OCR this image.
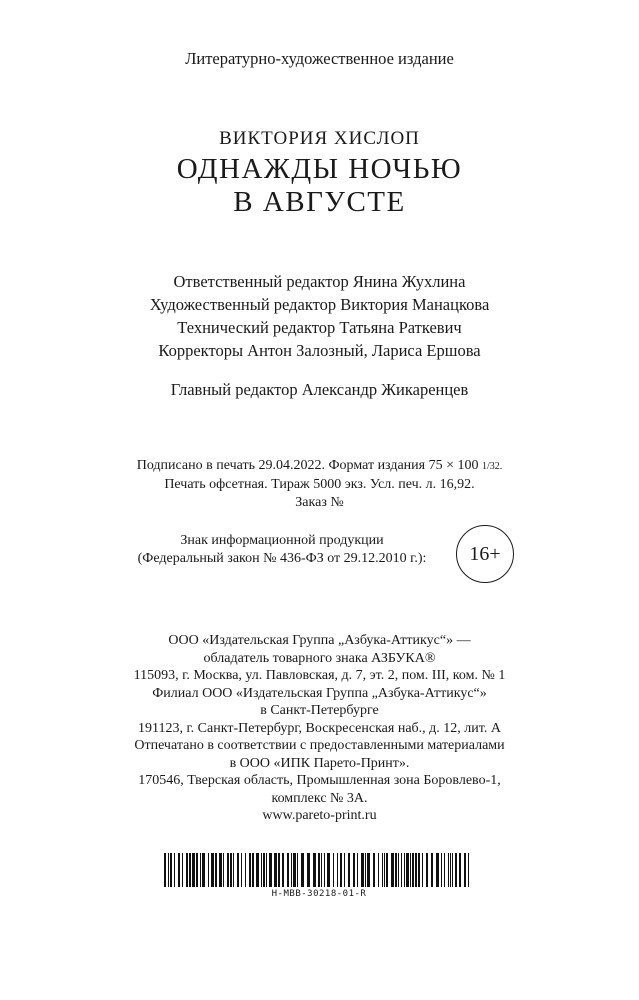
Литературно-художественное издание
ВИКТОРИЯ ХИСЛОП
ОДНАЖДЫ НОЧЬЮ
В АВГУСТЕ
Ответственный редактор Янина Жухлина
Художественный редактор Виктория Манацкова
Технический редактор Татьяна Раткевич
Корректоры Антон Залозный, Лариса Ершова
Главный редактор Александр Жикаренцев
Подписано в печать 29.04.2022. Формат издания 75 × 100 1/32.
Печать офсетная. Тираж 5000 экз. Усл. печ. л. 16,92.
Заказ №
Знак информационной продукции
(Федеральный закон № 436-ФЗ от 29.12.2010 г.):	16+
ООО «Издательская Группа „Азбука-Аттикус“» —
обладатель товарного знака АЗБУКА®
115093, г. Москва, ул. Павловская, д. 7, эт. 2, пом. III, ком. № 1
Филиал ООО «Издательская Группа „Азбука-Аттикус“»
в Санкт-Петербурге
191123, г. Санкт-Петербург, Воскресенская наб., д. 12, лит. А
Отпечатано в соответствии с предоставленными материалами
в ООО «ИПК Парето-Принт».
170546, Тверская область, Промышленная зона Боровлево-1,
комплекс № 3А.
www.pareto-print.ru
H-MBB-30218-01-R
